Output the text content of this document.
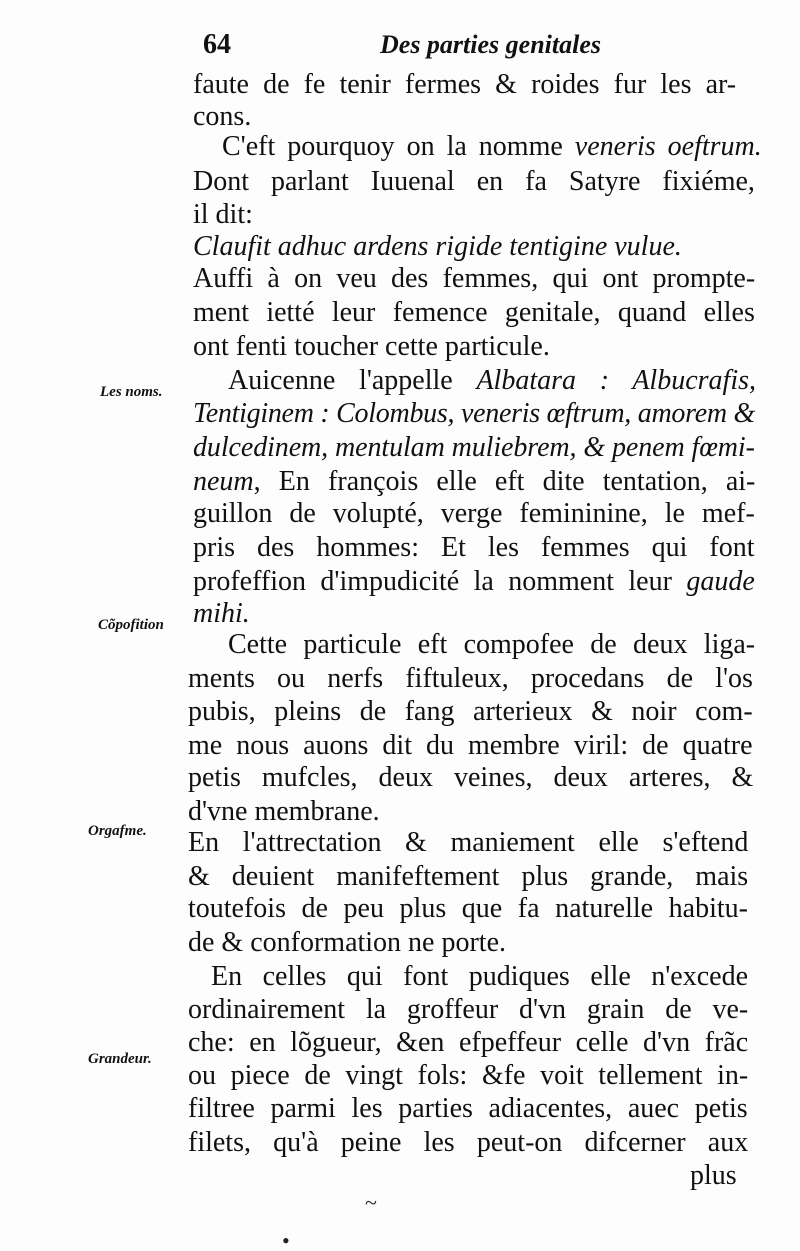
64	Des parties genitales
Les noms.
Cõpofition
Orgafme.
Grandeur.
faute de fe tenir fermes & roides fur les ar-
cons.
C'eft pourquoy on la nomme veneris oeftrum.
Dont parlant Iuuenal en fa Satyre fixiéme,
il dit:
Claufit adhuc ardens rigide tentigine vulue.
Auffi à on veu des femmes, qui ont prompte-
ment ietté leur femence genitale, quand elles
ont fenti toucher cette particule.
Auicenne l'appelle Albatara : Albucrafis,
Tentiginem : Colombus, veneris œftrum, amorem &
dulcedinem, mentulam muliebrem, & penem fœmi-
neum, En françois elle eft dite tentation, ai-
guillon de volupté, verge femininine, le mef-
pris des hommes: Et les femmes qui font
profeffion d'impudicité la nomment leur gaude
mihi.
Cette particule eft compofee de deux liga-
ments ou nerfs fiftuleux, procedans de l'os
pubis, pleins de fang arterieux & noir com-
me nous auons dit du membre viril: de quatre
petis mufcles, deux veines, deux arteres, &
d'vne membrane.
En l'attrectation & maniement elle s'eftend
& deuient manifeftement plus grande, mais
toutefois de peu plus que fa naturelle habitu-
de & conformation ne porte.
En celles qui font pudiques elle n'excede
ordinairement la groffeur d'vn grain de ve-
che: en lõgueur, &en efpeffeur celle d'vn frãc
ou piece de vingt fols: &fe voit tellement in-
filtree parmi les parties adiacentes, auec petis
filets, qu'à peine les peut-on difcerner aux
plus
~
•
